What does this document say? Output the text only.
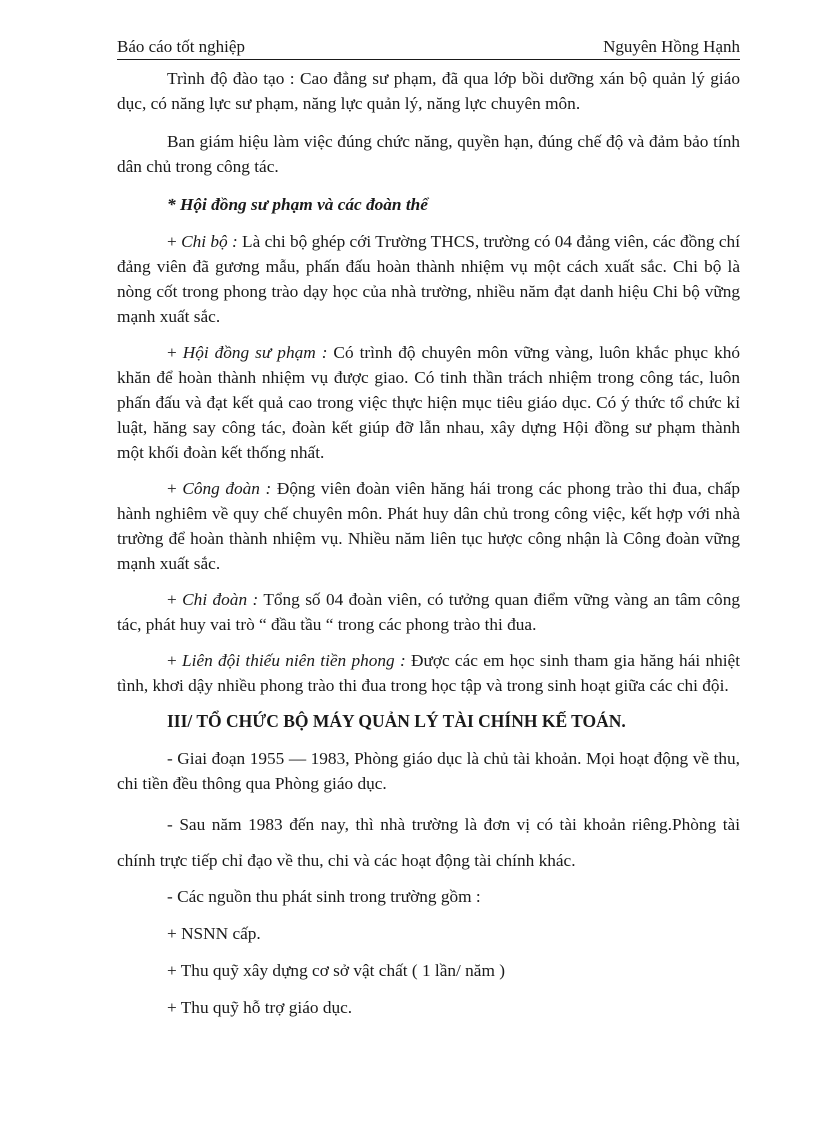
Báo cáo tốt nghiệp	Nguyên Hồng Hạnh

Trình độ đào tạo : Cao đẳng sư phạm, đã qua lớp bồi dưỡng xán bộ quản lý giáo dục, có năng lực sư phạm, năng lực quản lý, năng lực chuyên môn.

Ban giám hiệu làm việc đúng chức năng, quyền hạn, đúng chế độ và đảm bảo tính dân chủ trong công tác.

* Hội đồng sư phạm và các đoàn thể

+ Chi bộ : Là chi bộ ghép cới Trường THCS, trường có 04 đảng viên, các đồng chí đảng viên đã gương mẫu, phấn đấu hoàn thành nhiệm vụ một cách xuất sắc. Chi bộ là nòng cốt trong phong trào dạy học của nhà trường, nhiều năm đạt danh hiệu Chi bộ vững mạnh xuất sắc.

+ Hội đồng sư phạm : Có trình độ chuyên môn vững vàng, luôn khắc phục khó khăn để hoàn thành nhiệm vụ được giao. Có tinh thần trách nhiệm trong công tác, luôn phấn đấu và đạt kết quả cao trong việc thực hiện mục tiêu giáo dục. Có ý thức tổ chức kỉ luật, hăng say công tác, đoàn kết giúp đỡ lẫn nhau, xây dựng Hội đồng sư phạm thành một khối đoàn kết thống nhất.

+ Công đoàn : Động viên đoàn viên hăng hái trong các phong trào thi đua, chấp hành nghiêm về quy chế chuyên môn. Phát huy dân chủ trong công việc, kết hợp với nhà trường để hoàn thành nhiệm vụ. Nhiều năm liên tục hược công nhận là Công đoàn vững mạnh xuất sắc.

+ Chi đoàn : Tổng số 04 đoàn viên, có tưởng quan điểm vững vàng an tâm công tác, phát huy vai trò “ đầu tầu “ trong các phong trào thi đua.

+ Liên đội thiếu niên tiền phong : Được các em học sinh tham gia hăng hái nhiệt tình, khơi dậy nhiều phong trào thi đua trong học tập và trong sinh hoạt giữa các chi đội.

III/ TỔ CHỨC BỘ MÁY QUẢN LÝ TÀI CHÍNH KẾ TOÁN.

- Giai đoạn 1955 — 1983, Phòng giáo dục là chủ tài khoản. Mọi hoạt động về thu, chi tiền đều thông qua Phòng giáo dục.

- Sau năm 1983 đến nay, thì nhà trường là đơn vị có tài khoản riêng.Phòng tài chính trực tiếp chỉ đạo về thu, chi và các hoạt động tài chính khác.

- Các nguồn thu phát sinh trong trường gồm :

+ NSNN cấp.

+ Thu quỹ xây dựng cơ sở vật chất ( 1 lần/ năm )

+ Thu quỹ hỗ trợ giáo dục.
